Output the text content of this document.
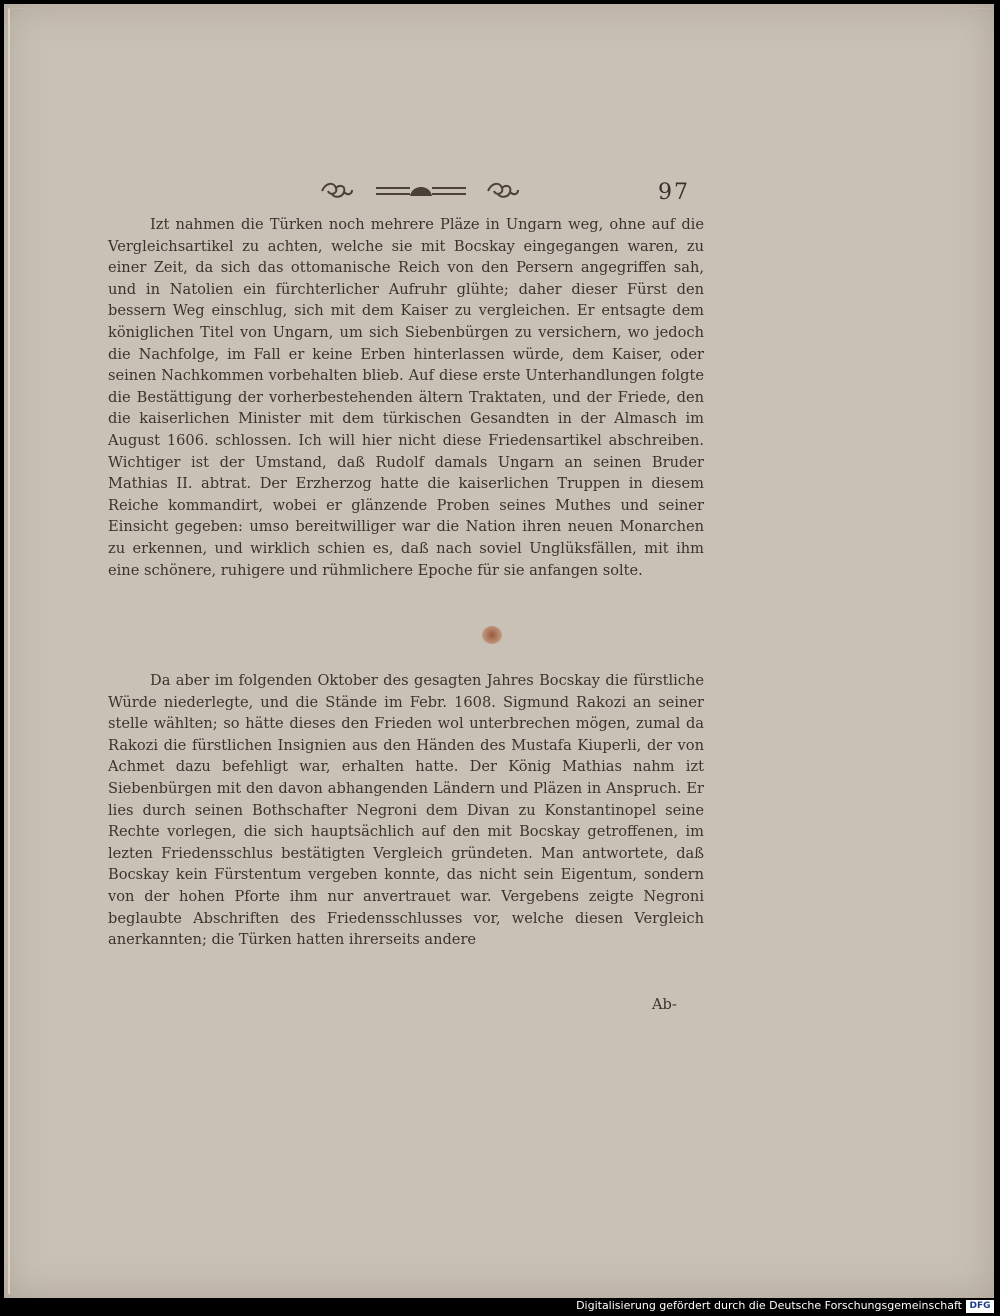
97

Izt nahmen die Türken noch mehrere Pläze in Ungarn weg, ohne auf die Vergleichsartikel zu achten, welche sie mit Bocskay eingegangen waren, zu einer Zeit, da sich das ottomanische Reich von den Persern angegriffen sah, und in Natolien ein fürchterlicher Aufruhr glühte; daher dieser Fürst den bessern Weg einschlug, sich mit dem Kaiser zu vergleichen. Er entsagte dem königlichen Titel von Ungarn, um sich Siebenbürgen zu versichern, wo jedoch die Nachfolge, im Fall er keine Erben hinterlassen würde, dem Kaiser, oder seinen Nachkommen vorbehalten blieb. Auf diese erste Unterhandlungen folgte die Bestättigung der vorherbestehenden ältern Traktaten, und der Friede, den die kaiserlichen Minister mit dem türkischen Gesandten in der Almasch im August 1606. schlossen. Ich will hier nicht diese Friedensartikel abschreiben. Wichtiger ist der Umstand, daß Rudolf damals Ungarn an seinen Bruder Mathias II. abtrat. Der Erzherzog hatte die kaiserlichen Truppen in diesem Reiche kommandirt, wobei er glänzende Proben seines Muthes und seiner Einsicht gegeben: umso bereitwilliger war die Nation ihren neuen Monarchen zu erkennen, und wirklich schien es, daß nach soviel Unglüksfällen, mit ihm eine schönere, ruhigere und rühmlichere Epoche für sie anfangen solte.

Da aber im folgenden Oktober des gesagten Jahres Bocskay die fürstliche Würde niederlegte, und die Stände im Febr. 1608. Sigmund Rakozi an seiner stelle wählten; so hätte dieses den Frieden wol unterbrechen mögen, zumal da Rakozi die fürstlichen Insignien aus den Händen des Mustafa Kiuperli, der von Achmet dazu befehligt war, erhalten hatte. Der König Mathias nahm izt Siebenbürgen mit den davon abhangenden Ländern und Pläzen in Anspruch. Er lies durch seinen Bothschafter Negroni dem Divan zu Konstantinopel seine Rechte vorlegen, die sich hauptsächlich auf den mit Bocskay getroffenen, im lezten Friedensschlus bestätigten Vergleich gründeten. Man antwortete, daß Bocskay kein Fürstentum vergeben konnte, das nicht sein Eigentum, sondern von der hohen Pforte ihm nur anvertrauet war. Vergebens zeigte Negroni beglaubte Abschriften des Friedensschlusses vor, welche diesen Vergleich anerkannten; die Türken hatten ihrerseits andere

Ab-
Digitalisierung gefördert durch die Deutsche Forschungsgemeinschaft DFG
